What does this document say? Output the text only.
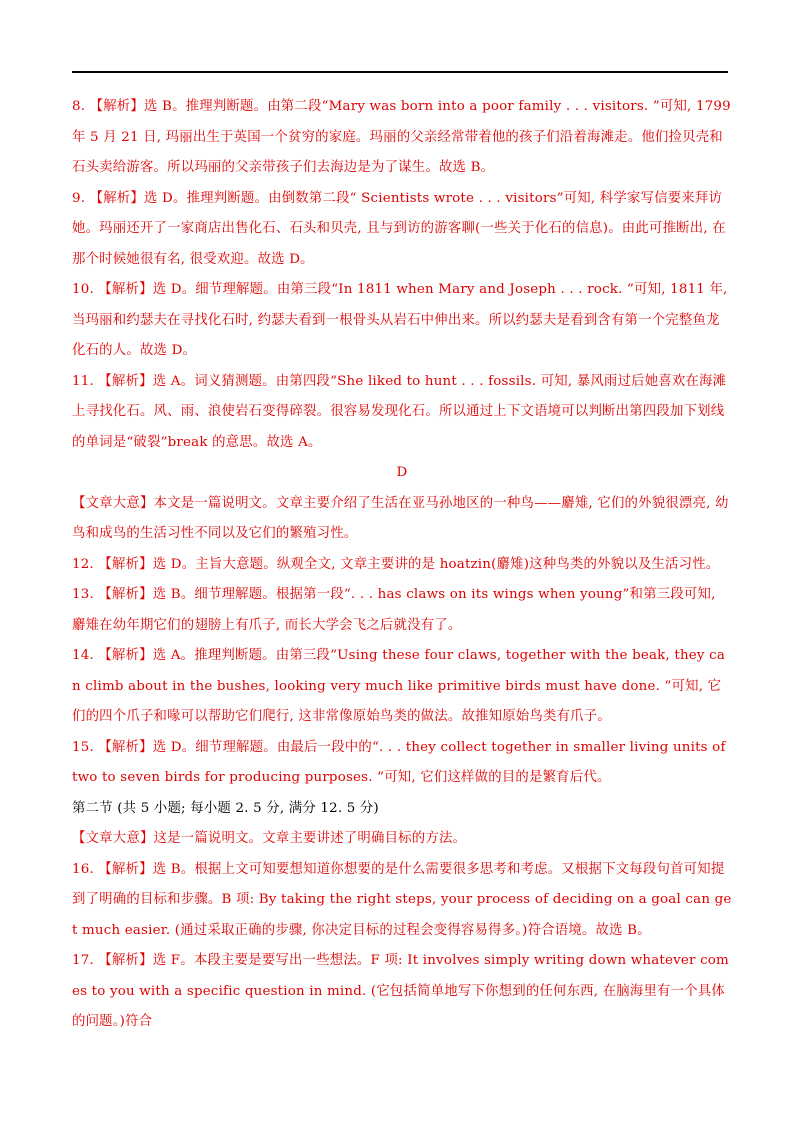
8. 【解析】选 B。推理判断题。由第二段“Mary was born into a poor family . . . visitors. ”可知, 1799 年 5 月 21 日, 玛丽出生于英国一个贫穷的家庭。玛丽的父亲经常带着他的孩子们沿着海滩走。他们捡贝壳和石头卖给游客。所以玛丽的父亲带孩子们去海边是为了谋生。故选 B。

9. 【解析】选 D。推理判断题。由倒数第二段“ Scientists wrote . . . visitors”可知, 科学家写信要来拜访她。玛丽还开了一家商店出售化石、石头和贝壳, 且与到访的游客聊(一些关于化石的信息)。由此可推断出, 在那个时候她很有名, 很受欢迎。故选 D。

10. 【解析】选 D。细节理解题。由第三段“In 1811 when Mary and Joseph . . . rock. ”可知, 1811 年, 当玛丽和约瑟夫在寻找化石时, 约瑟夫看到一根骨头从岩石中伸出来。所以约瑟夫是看到含有第一个完整鱼龙化石的人。故选 D。

11. 【解析】选 A。词义猜测题。由第四段“She liked to hunt . . . fossils. 可知, 暴风雨过后她喜欢在海滩上寻找化石。风、雨、浪使岩石变得碎裂。很容易发现化石。所以通过上下文语境可以判断出第四段加下划线的单词是“破裂”break 的意思。故选 A。

D

【文章大意】本文是一篇说明文。文章主要介绍了生活在亚马孙地区的一种鸟——麝雉, 它们的外貌很漂亮, 幼鸟和成鸟的生活习性不同以及它们的繁殖习性。

12. 【解析】选 D。主旨大意题。纵观全文, 文章主要讲的是 hoatzin(麝雉)这种鸟类的外貌以及生活习性。

13. 【解析】选 B。细节理解题。根据第一段“. . . has claws on its wings when young”和第三段可知, 麝雉在幼年期它们的翅膀上有爪子, 而长大学会飞之后就没有了。

14. 【解析】选 A。推理判断题。由第三段“Using these four claws, together with the beak, they can climb about in the bushes, looking very much like primitive birds must have done. ”可知, 它们的四个爪子和喙可以帮助它们爬行, 这非常像原始鸟类的做法。故推知原始鸟类有爪子。

15. 【解析】选 D。细节理解题。由最后一段中的“. . . they collect together in smaller living units of two to seven birds for producing purposes. ”可知, 它们这样做的目的是繁育后代。

第二节 (共 5 小题; 每小题 2. 5 分, 满分 12. 5 分)

【文章大意】这是一篇说明文。文章主要讲述了明确目标的方法。

16. 【解析】选 B。根据上文可知要想知道你想要的是什么需要很多思考和考虑。又根据下文每段句首可知提到了明确的目标和步骤。B 项: By taking the right steps, your process of deciding on a goal can get much easier. (通过采取正确的步骤, 你决定目标的过程会变得容易得多。)符合语境。故选 B。

17. 【解析】选 F。本段主要是要写出一些想法。F 项: It involves simply writing down whatever comes to you with a specific question in mind. (它包括简单地写下你想到的任何东西, 在脑海里有一个具体的问题。)符合
